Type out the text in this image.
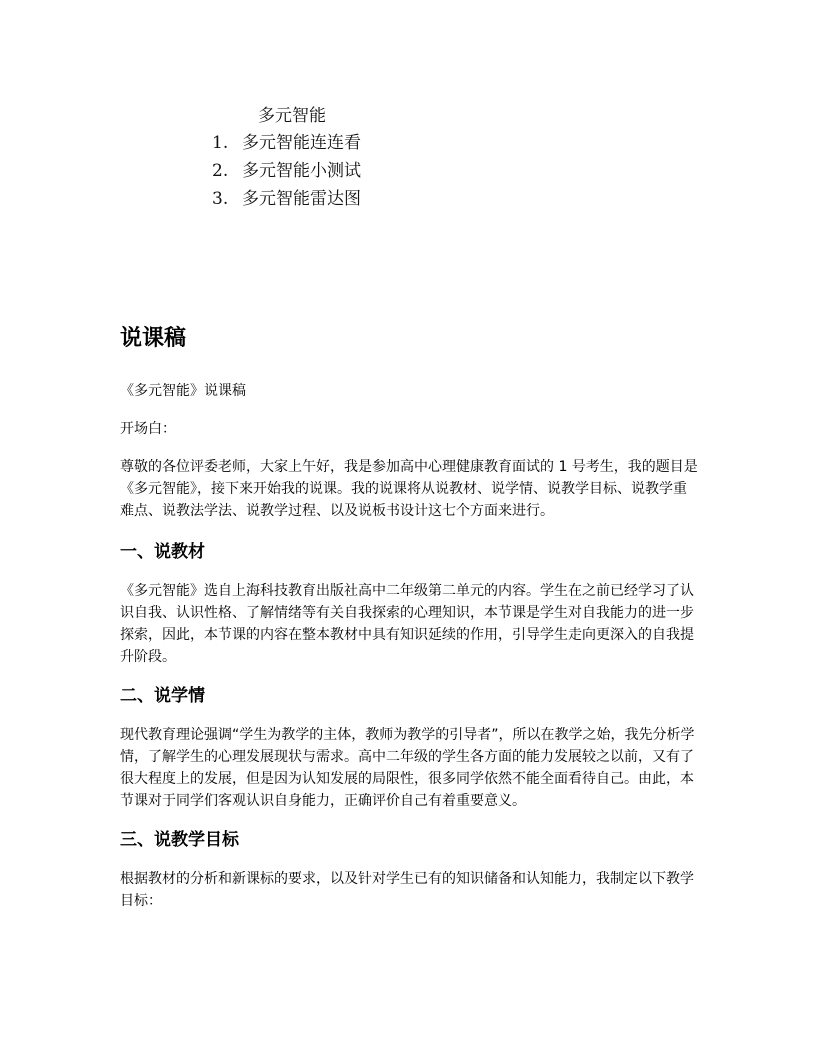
多元智能
1. 多元智能连连看
2. 多元智能小测试
3. 多元智能雷达图
说课稿

《多元智能》说课稿

开场白：

尊敬的各位评委老师，大家上午好，我是参加高中心理健康教育面试的 1 号考生，我的题目是《多元智能》，接下来开始我的说课。我的说课将从说教材、说学情、说教学目标、说教学重难点、说教法学法、说教学过程、以及说板书设计这七个方面来进行。

一、说教材

《多元智能》选自上海科技教育出版社高中二年级第二单元的内容。学生在之前已经学习了认识自我、认识性格、了解情绪等有关自我探索的心理知识，本节课是学生对自我能力的进一步探索，因此，本节课的内容在整本教材中具有知识延续的作用，引导学生走向更深入的自我提升阶段。

二、说学情

现代教育理论强调“学生为教学的主体，教师为教学的引导者”，所以在教学之始，我先分析学情，了解学生的心理发展现状与需求。高中二年级的学生各方面的能力发展较之以前，又有了很大程度上的发展，但是因为认知发展的局限性，很多同学依然不能全面看待自己。由此，本节课对于同学们客观认识自身能力，正确评价自己有着重要意义。

三、说教学目标

根据教材的分析和新课标的要求，以及针对学生已有的知识储备和认知能力，我制定以下教学目标：
